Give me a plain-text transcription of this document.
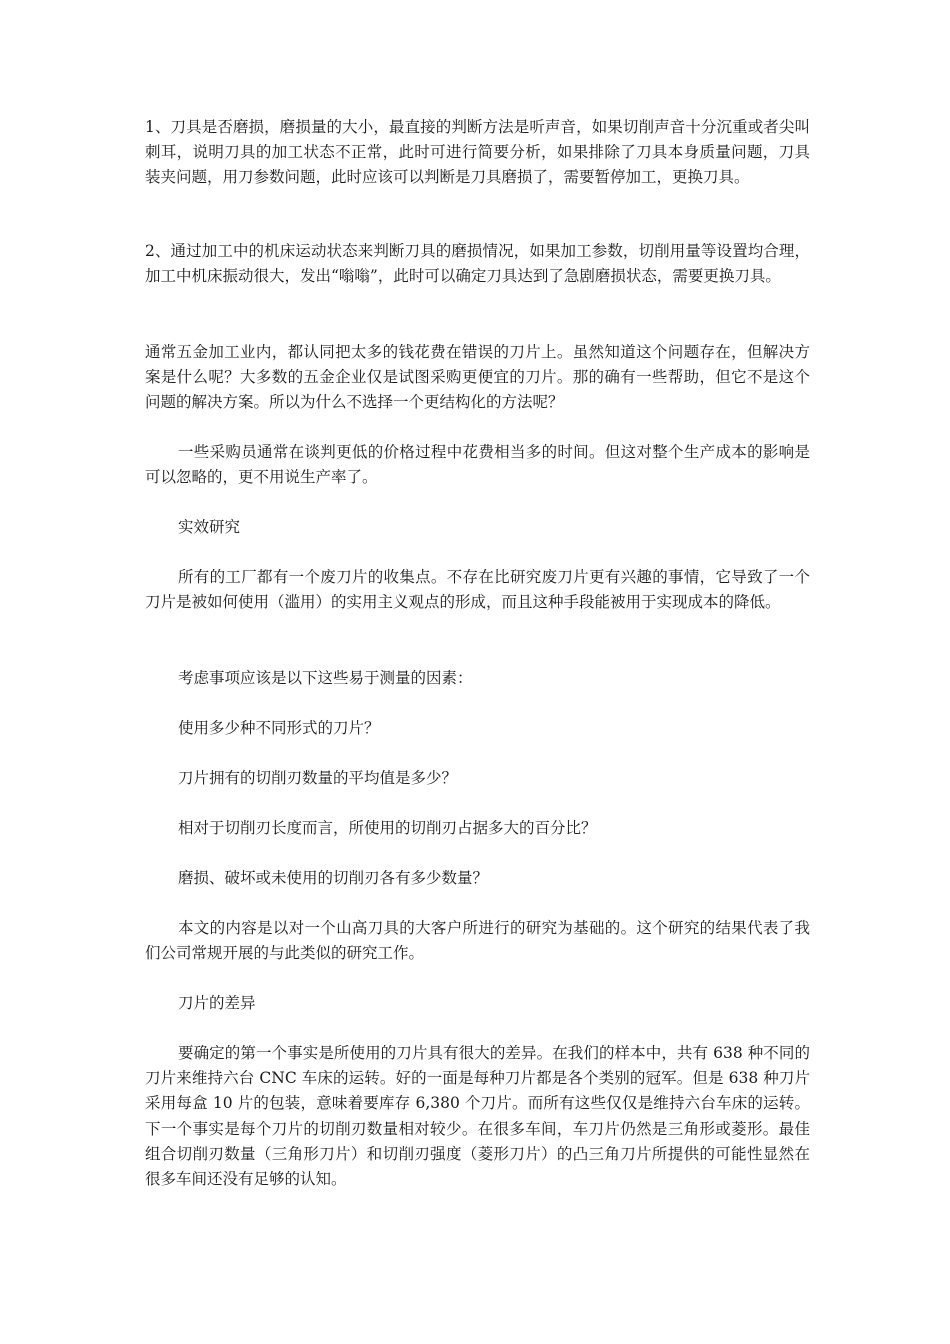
1、刀具是否磨损，磨损量的大小，最直接的判断方法是听声音，如果切削声音十分沉重或者尖叫刺耳，说明刀具的加工状态不正常，此时可进行简要分析，如果排除了刀具本身质量问题，刀具装夹问题，用刀参数问题，此时应该可以判断是刀具磨损了，需要暂停加工，更换刀具。

2、通过加工中的机床运动状态来判断刀具的磨损情况，如果加工参数，切削用量等设置均合理，加工中机床振动很大，发出“嗡嗡”，此时可以确定刀具达到了急剧磨损状态，需要更换刀具。

通常五金加工业内，都认同把太多的钱花费在错误的刀片上。虽然知道这个问题存在，但解决方案是什么呢？大多数的五金企业仅是试图采购更便宜的刀片。那的确有一些帮助，但它不是这个问题的解决方案。所以为什么不选择一个更结构化的方法呢？

一些采购员通常在谈判更低的价格过程中花费相当多的时间。但这对整个生产成本的影响是可以忽略的，更不用说生产率了。

实效研究

所有的工厂都有一个废刀片的收集点。不存在比研究废刀片更有兴趣的事情，它导致了一个刀片是被如何使用（滥用）的实用主义观点的形成，而且这种手段能被用于实现成本的降低。

考虑事项应该是以下这些易于测量的因素：

使用多少种不同形式的刀片？

刀片拥有的切削刃数量的平均值是多少？

相对于切削刃长度而言，所使用的切削刃占据多大的百分比？

磨损、破坏或未使用的切削刃各有多少数量？

本文的内容是以对一个山高刀具的大客户所进行的研究为基础的。这个研究的结果代表了我们公司常规开展的与此类似的研究工作。

刀片的差异

要确定的第一个事实是所使用的刀片具有很大的差异。在我们的样本中，共有 638 种不同的刀片来维持六台 CNC 车床的运转。好的一面是每种刀片都是各个类别的冠军。但是 638 种刀片采用每盒 10 片的包装，意味着要库存 6,380 个刀片。而所有这些仅仅是维持六台车床的运转。下一个事实是每个刀片的切削刃数量相对较少。在很多车间，车刀片仍然是三角形或菱形。最佳组合切削刃数量（三角形刀片）和切削刃强度（菱形刀片）的凸三角刀片所提供的可能性显然在很多车间还没有足够的认知。
